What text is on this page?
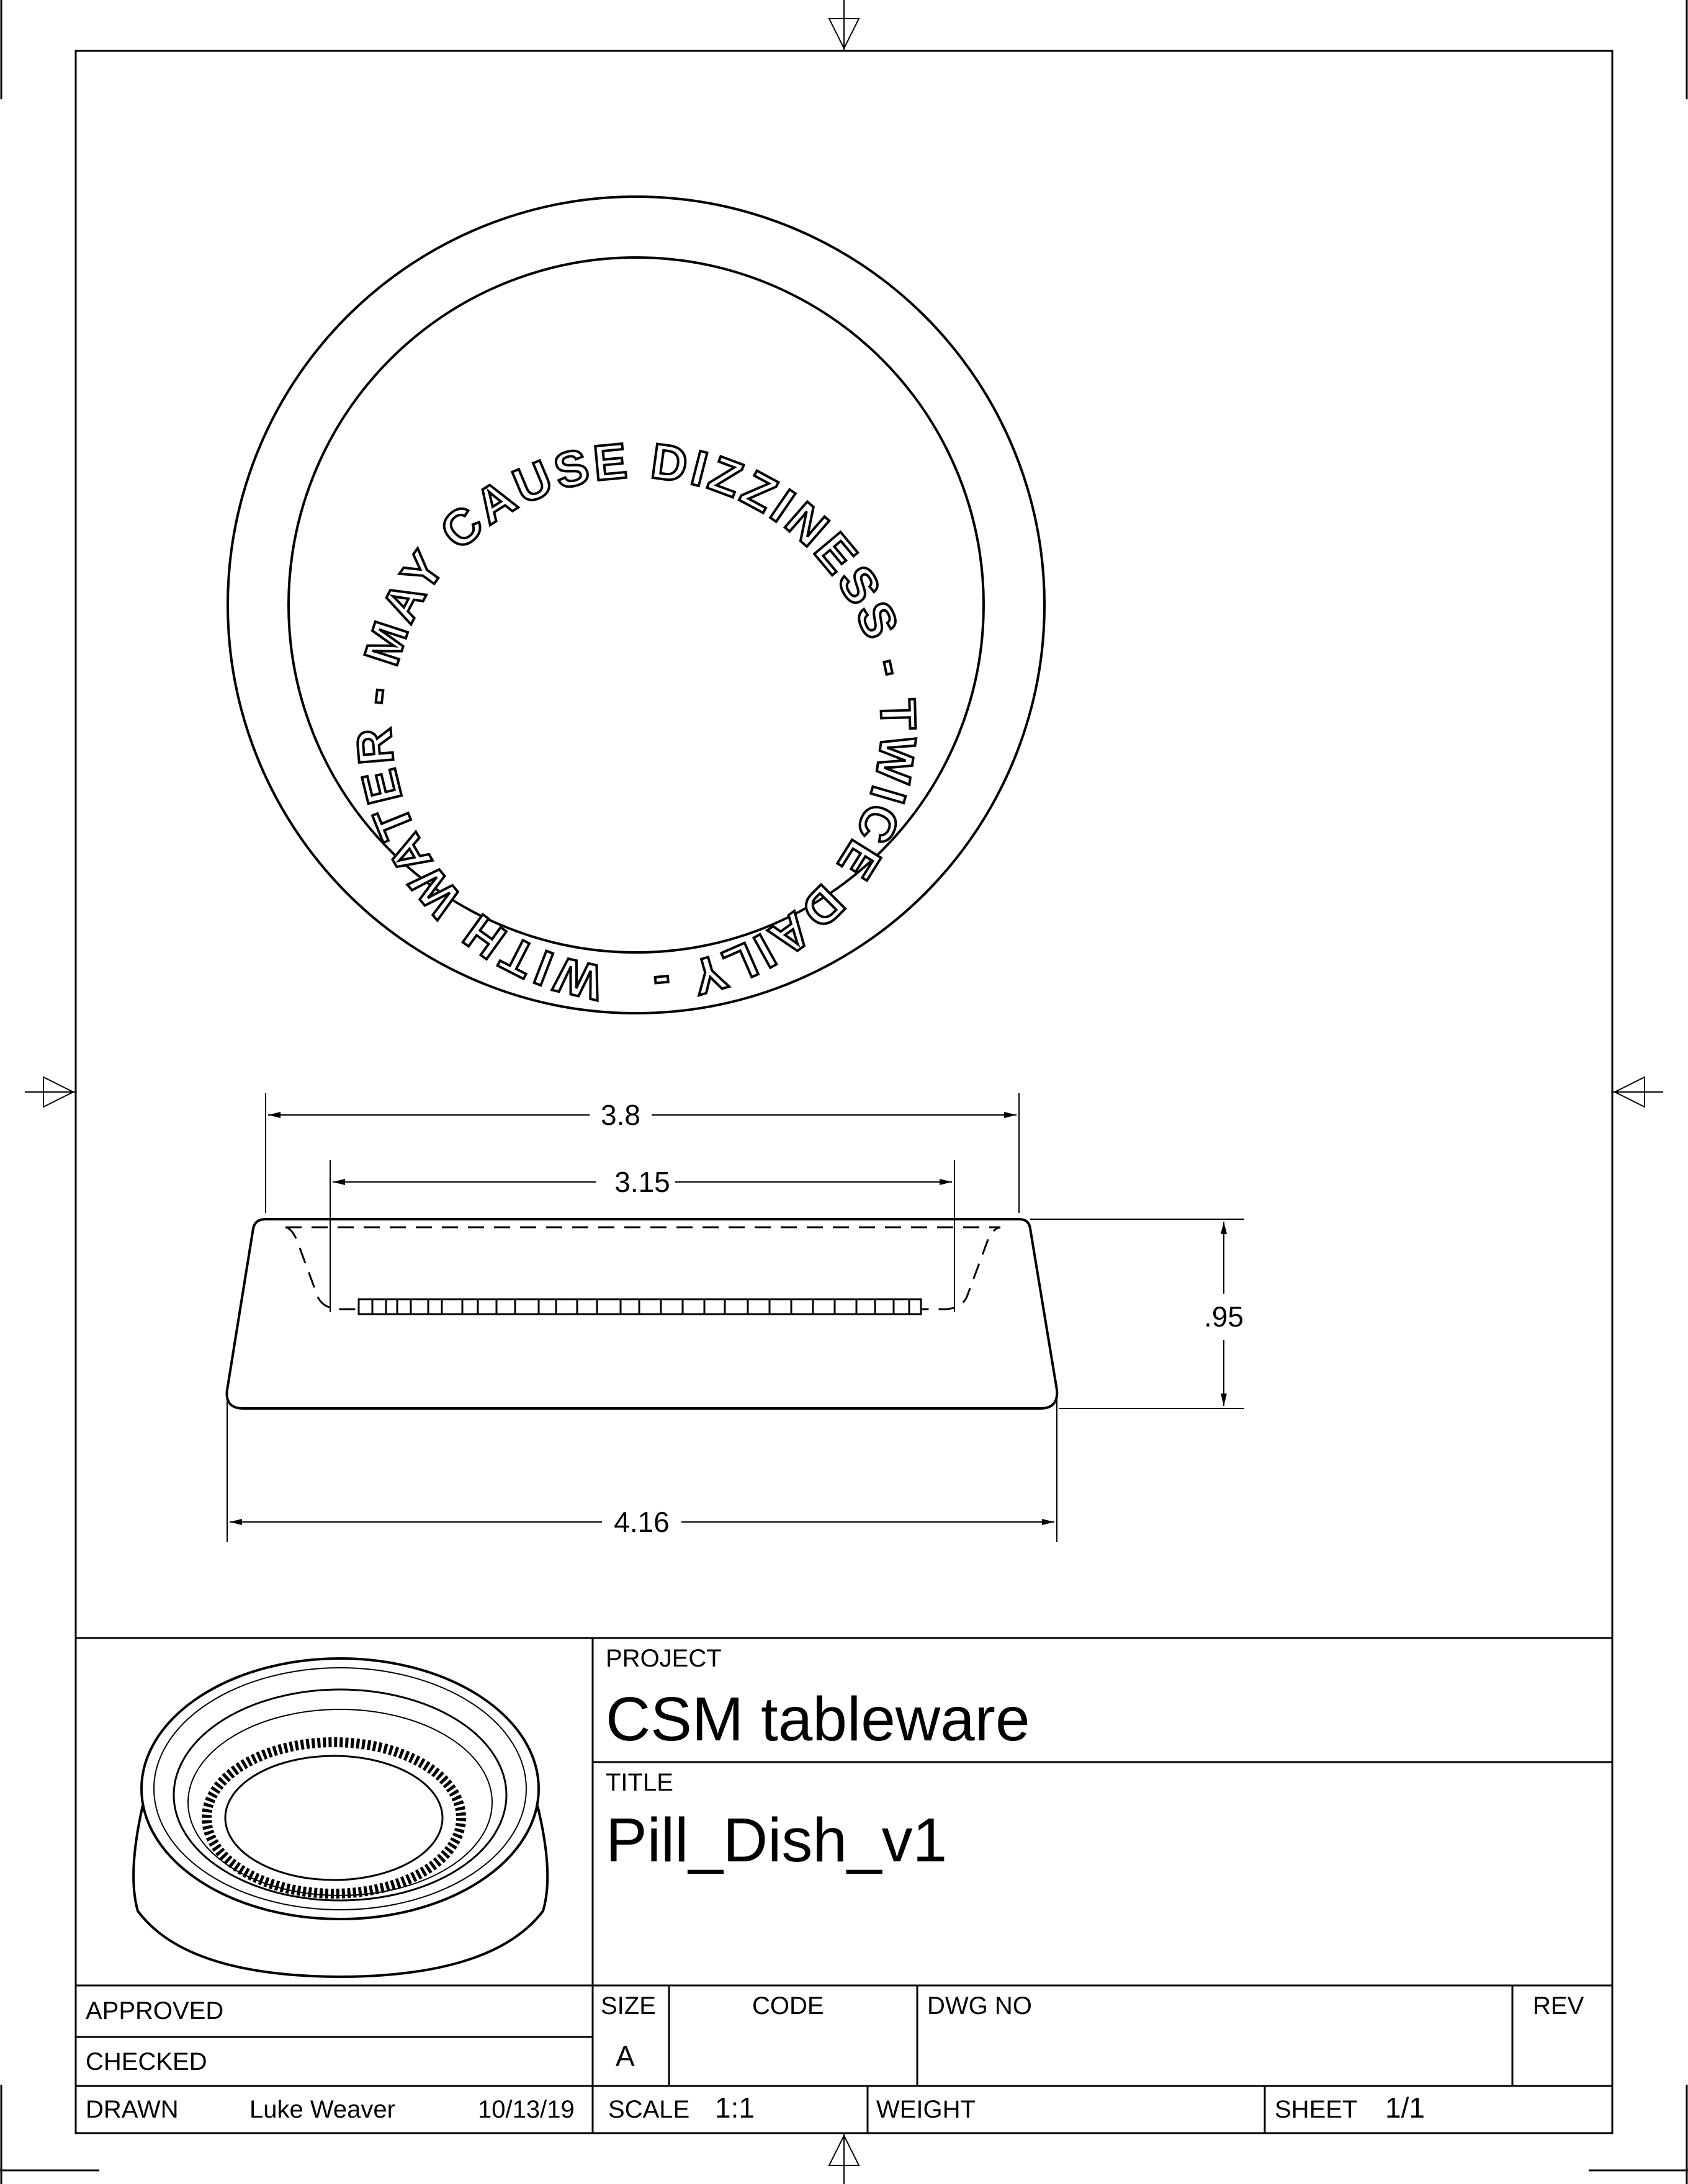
WITH WATER - MAY CAUSE DIZZINESS - TWICE DAILY -
3.8
3.15
.95
4.16
PROJECT
CSM tableware
TITLE
Pill_Dish_v1
APPROVED
CHECKED
DRAWN	Luke Weaver	10/13/19
SIZE
A
CODE	DWG NO	REV
SCALE 1:1	WEIGHT	SHEET 1/1
